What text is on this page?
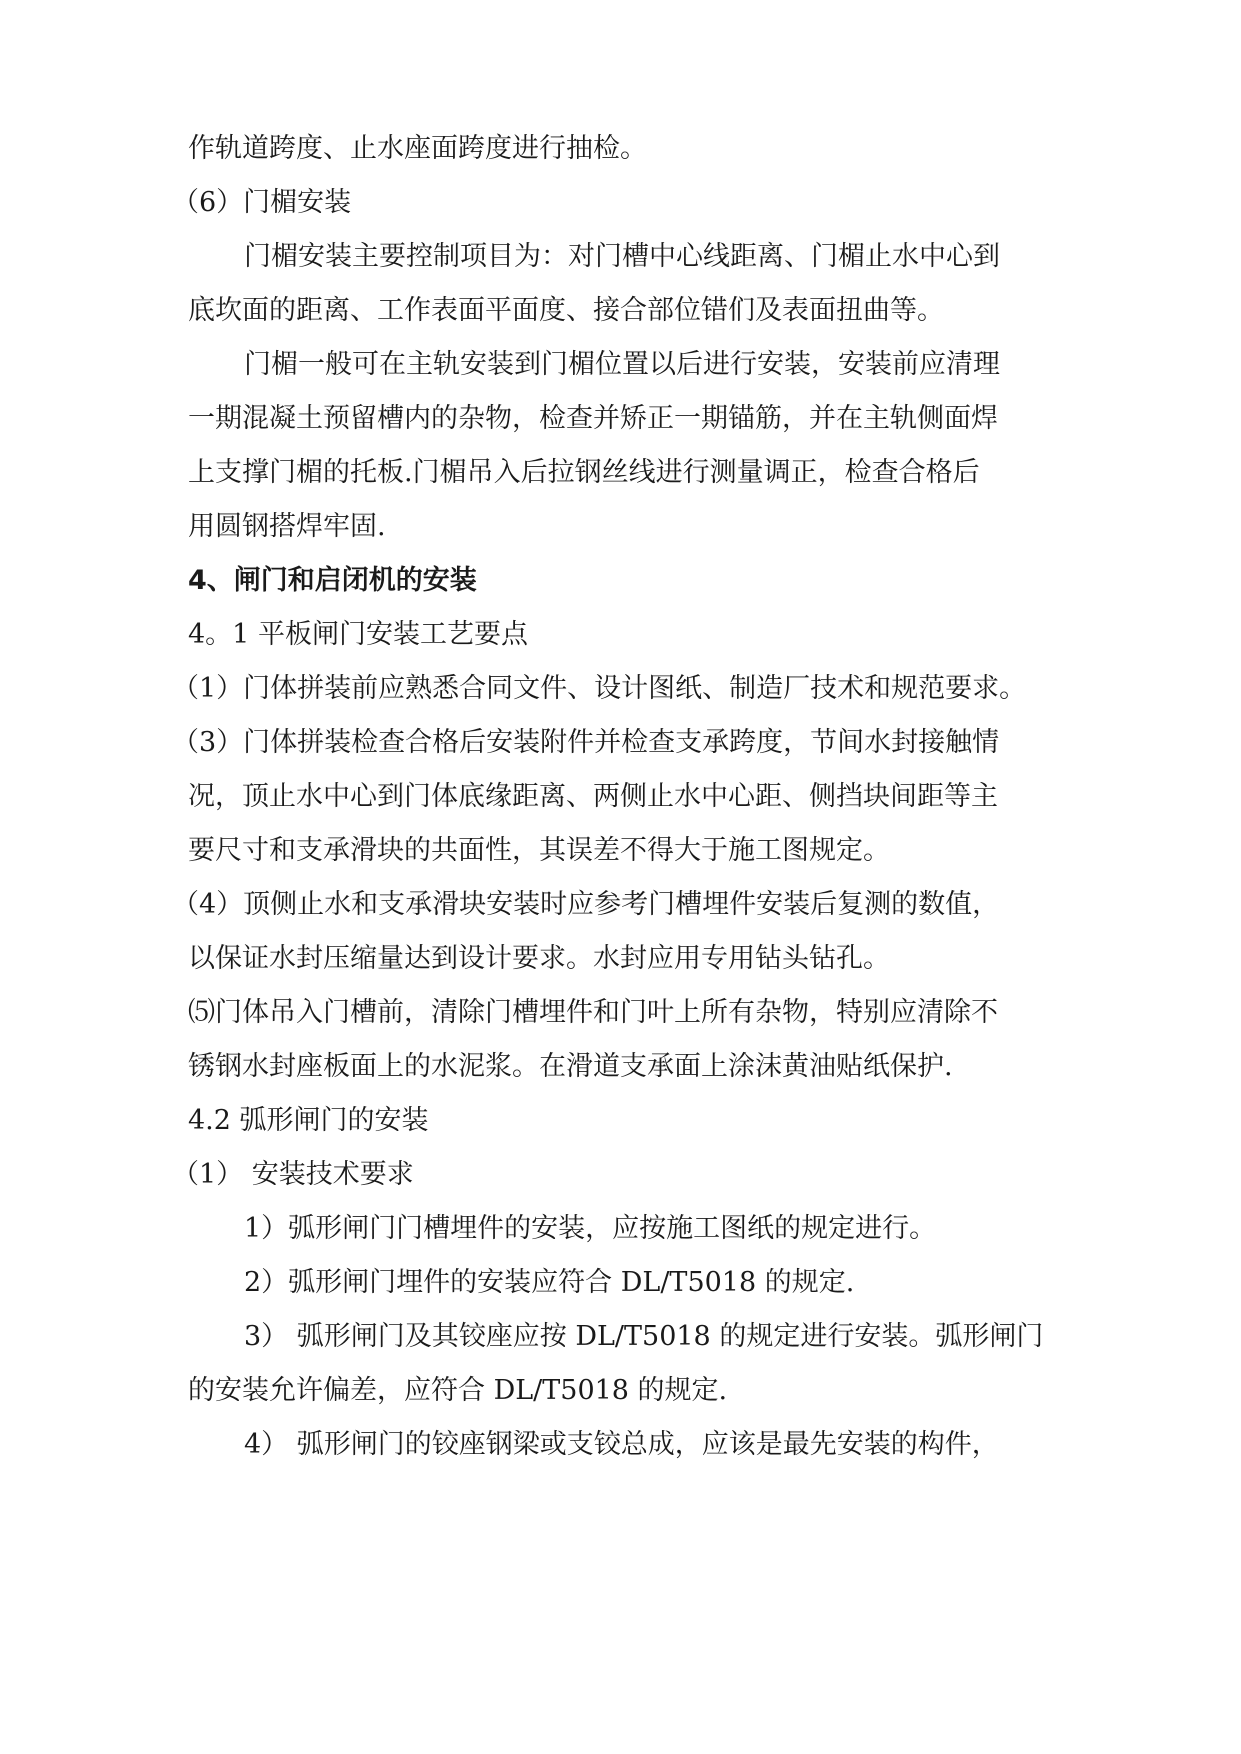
作轨道跨度、止水座面跨度进行抽检。
（6）门楣安装
门楣安装主要控制项目为：对门槽中心线距离、门楣止水中心到
底坎面的距离、工作表面平面度、接合部位错们及表面扭曲等。
门楣一般可在主轨安装到门楣位置以后进行安装，安装前应清理
一期混凝土预留槽内的杂物，检查并矫正一期锚筋，并在主轨侧面焊
上支撑门楣的托板.门楣吊入后拉钢丝线进行测量调正，检查合格后
用圆钢搭焊牢固.
4、闸门和启闭机的安装
4。1 平板闸门安装工艺要点
（1）门体拼装前应熟悉合同文件、设计图纸、制造厂技术和规范要求。
（3）门体拼装检查合格后安装附件并检查支承跨度，节间水封接触情
况，顶止水中心到门体底缘距离、两侧止水中心距、侧挡块间距等主
要尺寸和支承滑块的共面性，其误差不得大于施工图规定。
（4）顶侧止水和支承滑块安装时应参考门槽埋件安装后复测的数值，
以保证水封压缩量达到设计要求。水封应用专用钻头钻孔。
⑸门体吊入门槽前，清除门槽埋件和门叶上所有杂物，特别应清除不
锈钢水封座板面上的水泥浆。在滑道支承面上涂沫黄油贴纸保护.
4.2 弧形闸门的安装
（1） 安装技术要求
1）弧形闸门门槽埋件的安装，应按施工图纸的规定进行。
2）弧形闸门埋件的安装应符合 DL/T5018 的规定.
3） 弧形闸门及其铰座应按 DL/T5018 的规定进行安装。弧形闸门
的安装允许偏差，应符合 DL/T5018 的规定.
4） 弧形闸门的铰座钢梁或支铰总成，应该是最先安装的构件，
